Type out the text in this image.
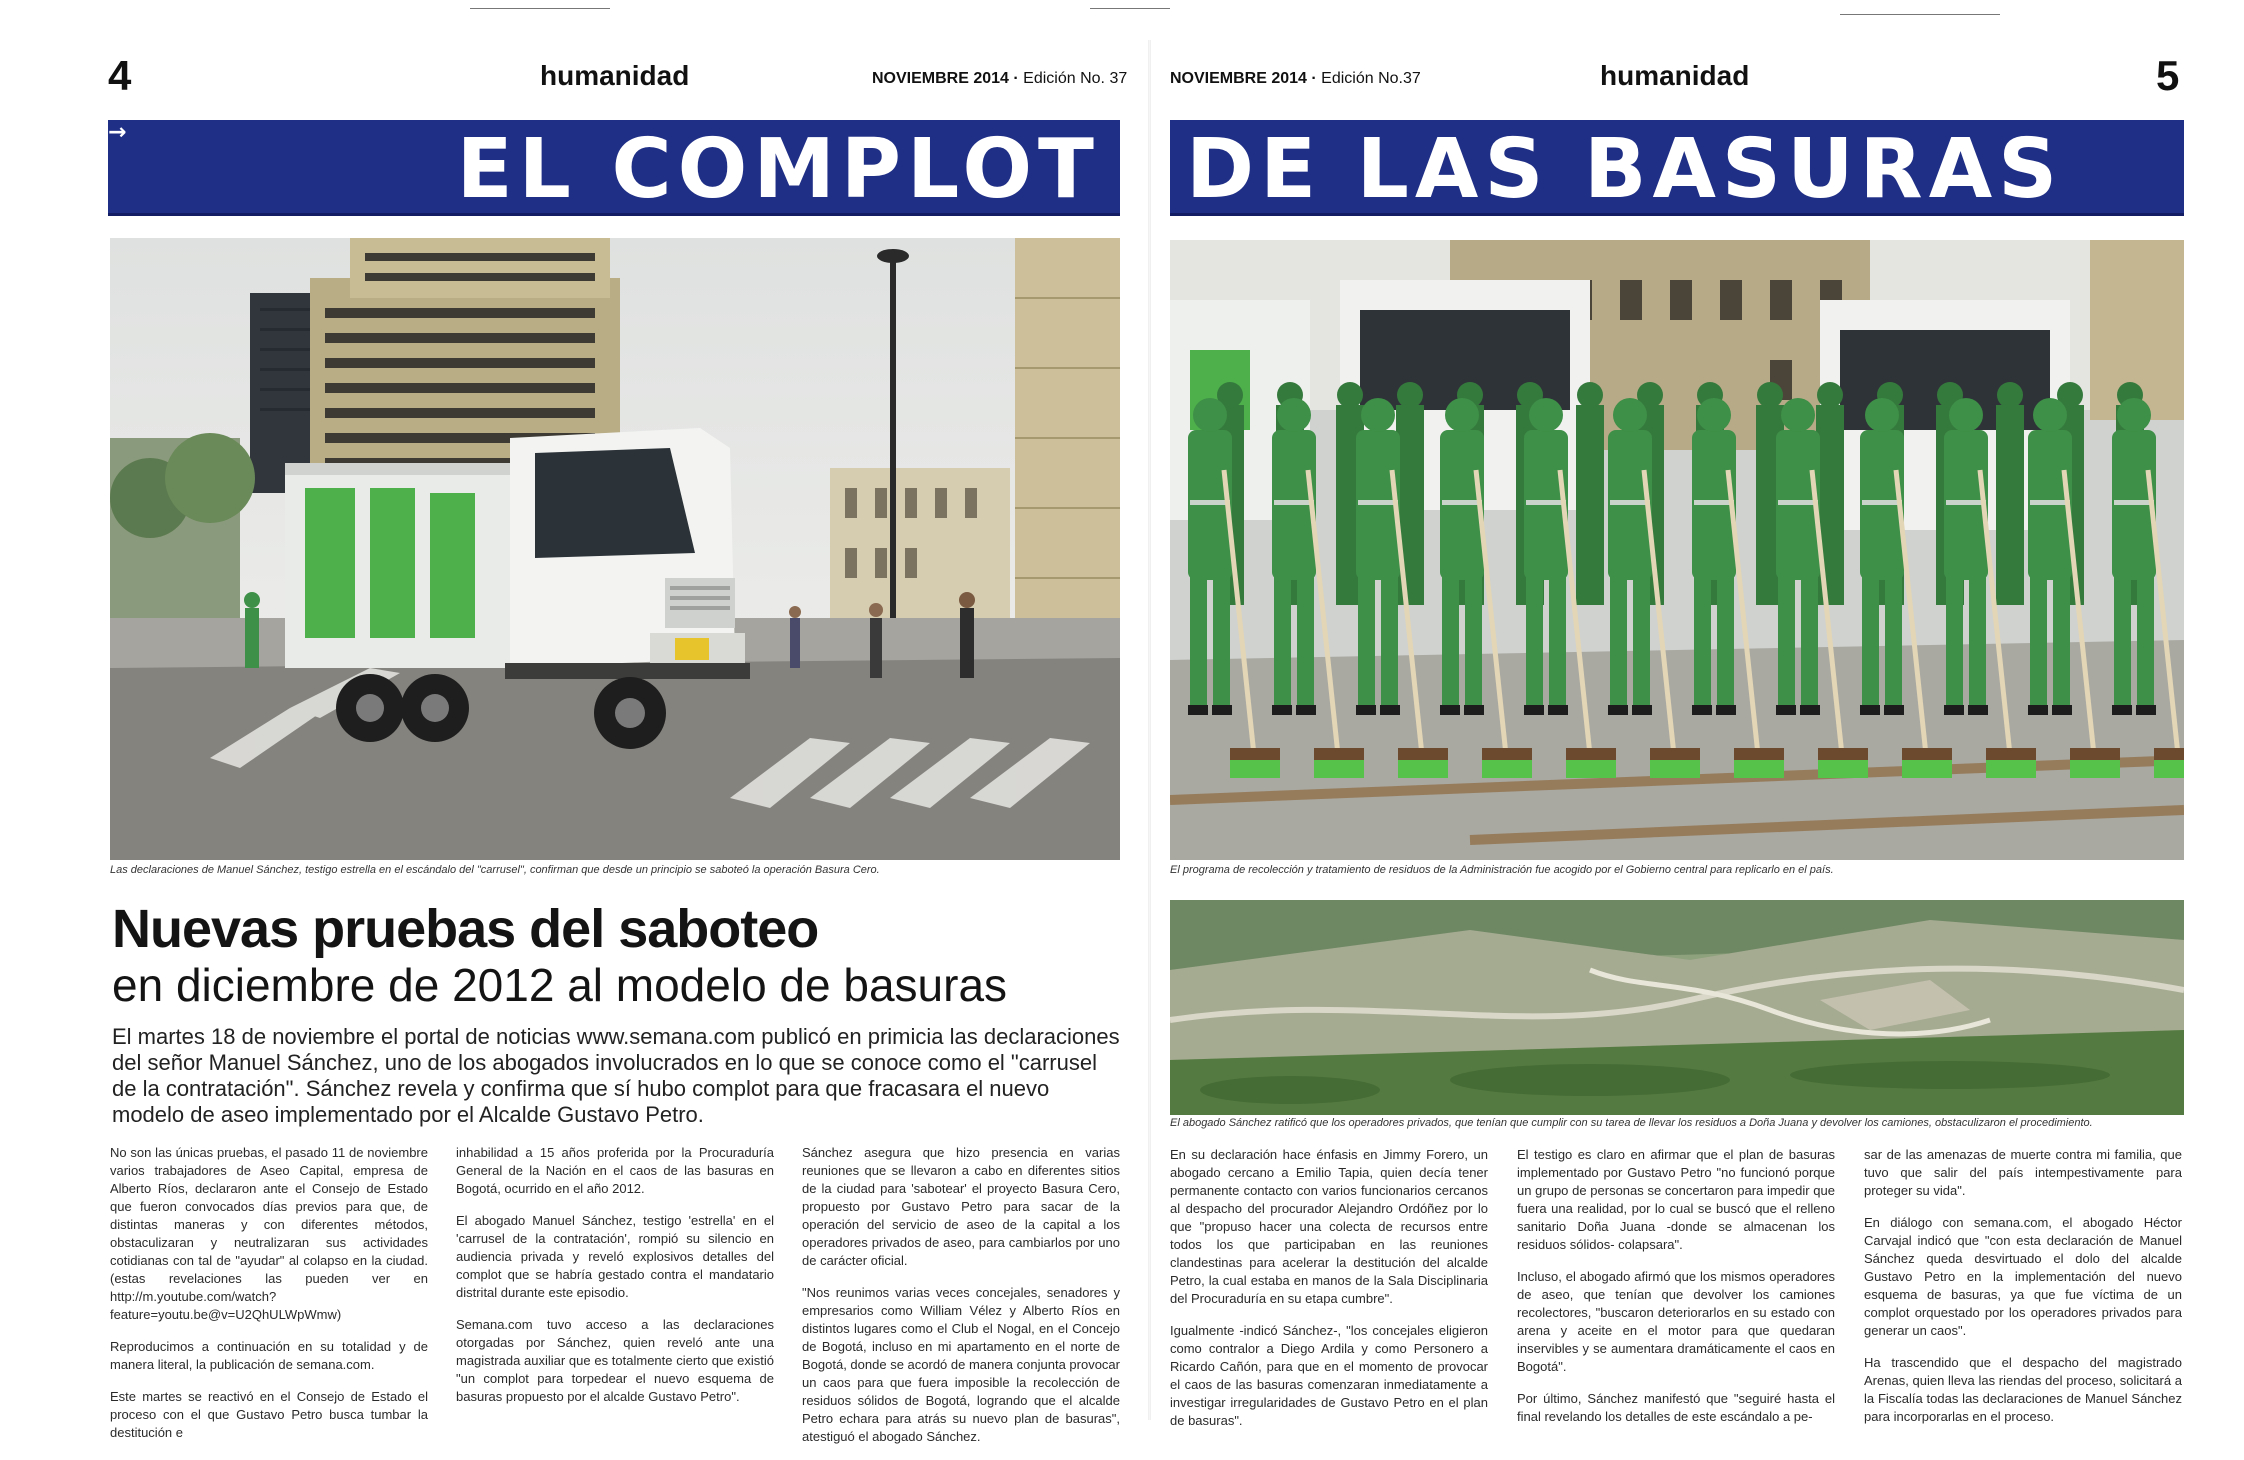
4	humanidad	NOVIEMBRE 2014 · Edición No. 37
EL COMPLOT
→
Las declaraciones de Manuel Sánchez, testigo estrella en el escándalo del "carrusel", confirman que desde un principio se saboteó la operación Basura Cero.
Nuevas pruebas del saboteo
en diciembre de 2012 al modelo de basuras
El martes 18 de noviembre el portal de noticias www.semana.com publicó en primicia las declaraciones del señor Manuel Sánchez, uno de los abogados involucrados en lo que se conoce como el "carrusel de la contratación". Sánchez revela y confirma que sí hubo complot para que fracasara el nuevo modelo de aseo implementado por el Alcalde Gustavo Petro.

No son las únicas pruebas, el pasado 11 de noviembre varios trabajadores de Aseo Capital, empresa de Alberto Ríos, declararon ante el Consejo de Estado que fueron convocados días previos para que, de distintas maneras y con diferentes métodos, obstaculizaran y neutralizaran sus actividades cotidianas con tal de "ayudar" al colapso en la ciudad. (estas revelaciones las pueden ver en http://m.youtube.com/watch?feature=youtu.be@v=U2QhULWpWmw)

Reproducimos a continuación en su totalidad y de manera literal, la publicación de semana.com.

Este martes se reactivó en el Consejo de Estado el proceso con el que Gustavo Petro busca tumbar la destitución e

inhabilidad a 15 años proferida por la Procuraduría General de la Nación en el caos de las basuras en Bogotá, ocurrido en el año 2012.

El abogado Manuel Sánchez, testigo 'estrella' en el 'carrusel de la contratación', rompió su silencio en audiencia privada y reveló explosivos detalles del complot que se habría gestado contra el mandatario distrital durante este episodio.

Semana.com tuvo acceso a las declaraciones otorgadas por Sánchez, quien reveló ante una magistrada auxiliar que es totalmente cierto que existió "un complot para torpedear el nuevo esquema de basuras propuesto por el alcalde Gustavo Petro".

Sánchez asegura que hizo presencia en varias reuniones que se llevaron a cabo en diferentes sitios de la ciudad para 'sabotear' el proyecto Basura Cero, propuesto por Gustavo Petro para sacar de la operación del servicio de aseo de la capital a los operadores privados de aseo, para cambiarlos por uno de carácter oficial.

"Nos reunimos varias veces concejales, senadores y empresarios como William Vélez y Alberto Ríos en distintos lugares como el Club el Nogal, en el Concejo de Bogotá, incluso en mi apartamento en el norte de Bogotá, donde se acordó de manera conjunta provocar un caos para que fuera imposible la recolección de residuos sólidos de Bogotá, logrando que el alcalde Petro echara para atrás su nuevo plan de basuras", atestiguó el abogado Sánchez.

NOVIEMBRE 2014 · Edición No.37	humanidad	5
DE LAS BASURAS
El programa de recolección y tratamiento de residuos de la Administración fue acogido por el Gobierno central para replicarlo en el país.
El abogado Sánchez ratificó que los operadores privados, que tenían que cumplir con su tarea de llevar los residuos a Doña Juana y devolver los camiones, obstaculizaron el procedimiento.

En su declaración hace énfasis en Jimmy Forero, un abogado cercano a Emilio Tapia, quien decía tener permanente contacto con varios funcionarios cercanos al despacho del procurador Alejandro Ordóñez por lo que "propuso hacer una colecta de recursos entre todos los que participaban en las reuniones clandestinas para acelerar la destitución del alcalde Petro, la cual estaba en manos de la Sala Disciplinaria del Procuraduría en su etapa cumbre".

Igualmente -indicó Sánchez-, "los concejales eligieron como contralor a Diego Ardila y como Personero a Ricardo Cañón, para que en el momento de provocar el caos de las basuras comenzaran inmediatamente a investigar irregularidades de Gustavo Petro en el plan de basuras".

El testigo es claro en afirmar que el plan de basuras implementado por Gustavo Petro "no funcionó porque un grupo de personas se concertaron para impedir que fuera una realidad, por lo cual se buscó que el relleno sanitario Doña Juana -donde se almacenan los residuos sólidos- colapsara".

Incluso, el abogado afirmó que los mismos operadores de aseo, que tenían que devolver los camiones recolectores, "buscaron deteriorarlos en su estado con arena y aceite en el motor para que quedaran inservibles y se aumentara dramáticamente el caos en Bogotá".

Por último, Sánchez manifestó que "seguiré hasta el final revelando los detalles de este escándalo a pe-

sar de las amenazas de muerte contra mi familia, que tuvo que salir del país intempestivamente para proteger su vida".

En diálogo con semana.com, el abogado Héctor Carvajal indicó que "con esta declaración de Manuel Sánchez queda desvirtuado el dolo del alcalde Gustavo Petro en la implementación del nuevo esquema de basuras, ya que fue víctima de un complot orquestado por los operadores privados para generar un caos".

Ha trascendido que el despacho del magistrado Arenas, quien lleva las riendas del proceso, solicitará a la Fiscalía todas las declaraciones de Manuel Sánchez para incorporarlas en el proceso.
